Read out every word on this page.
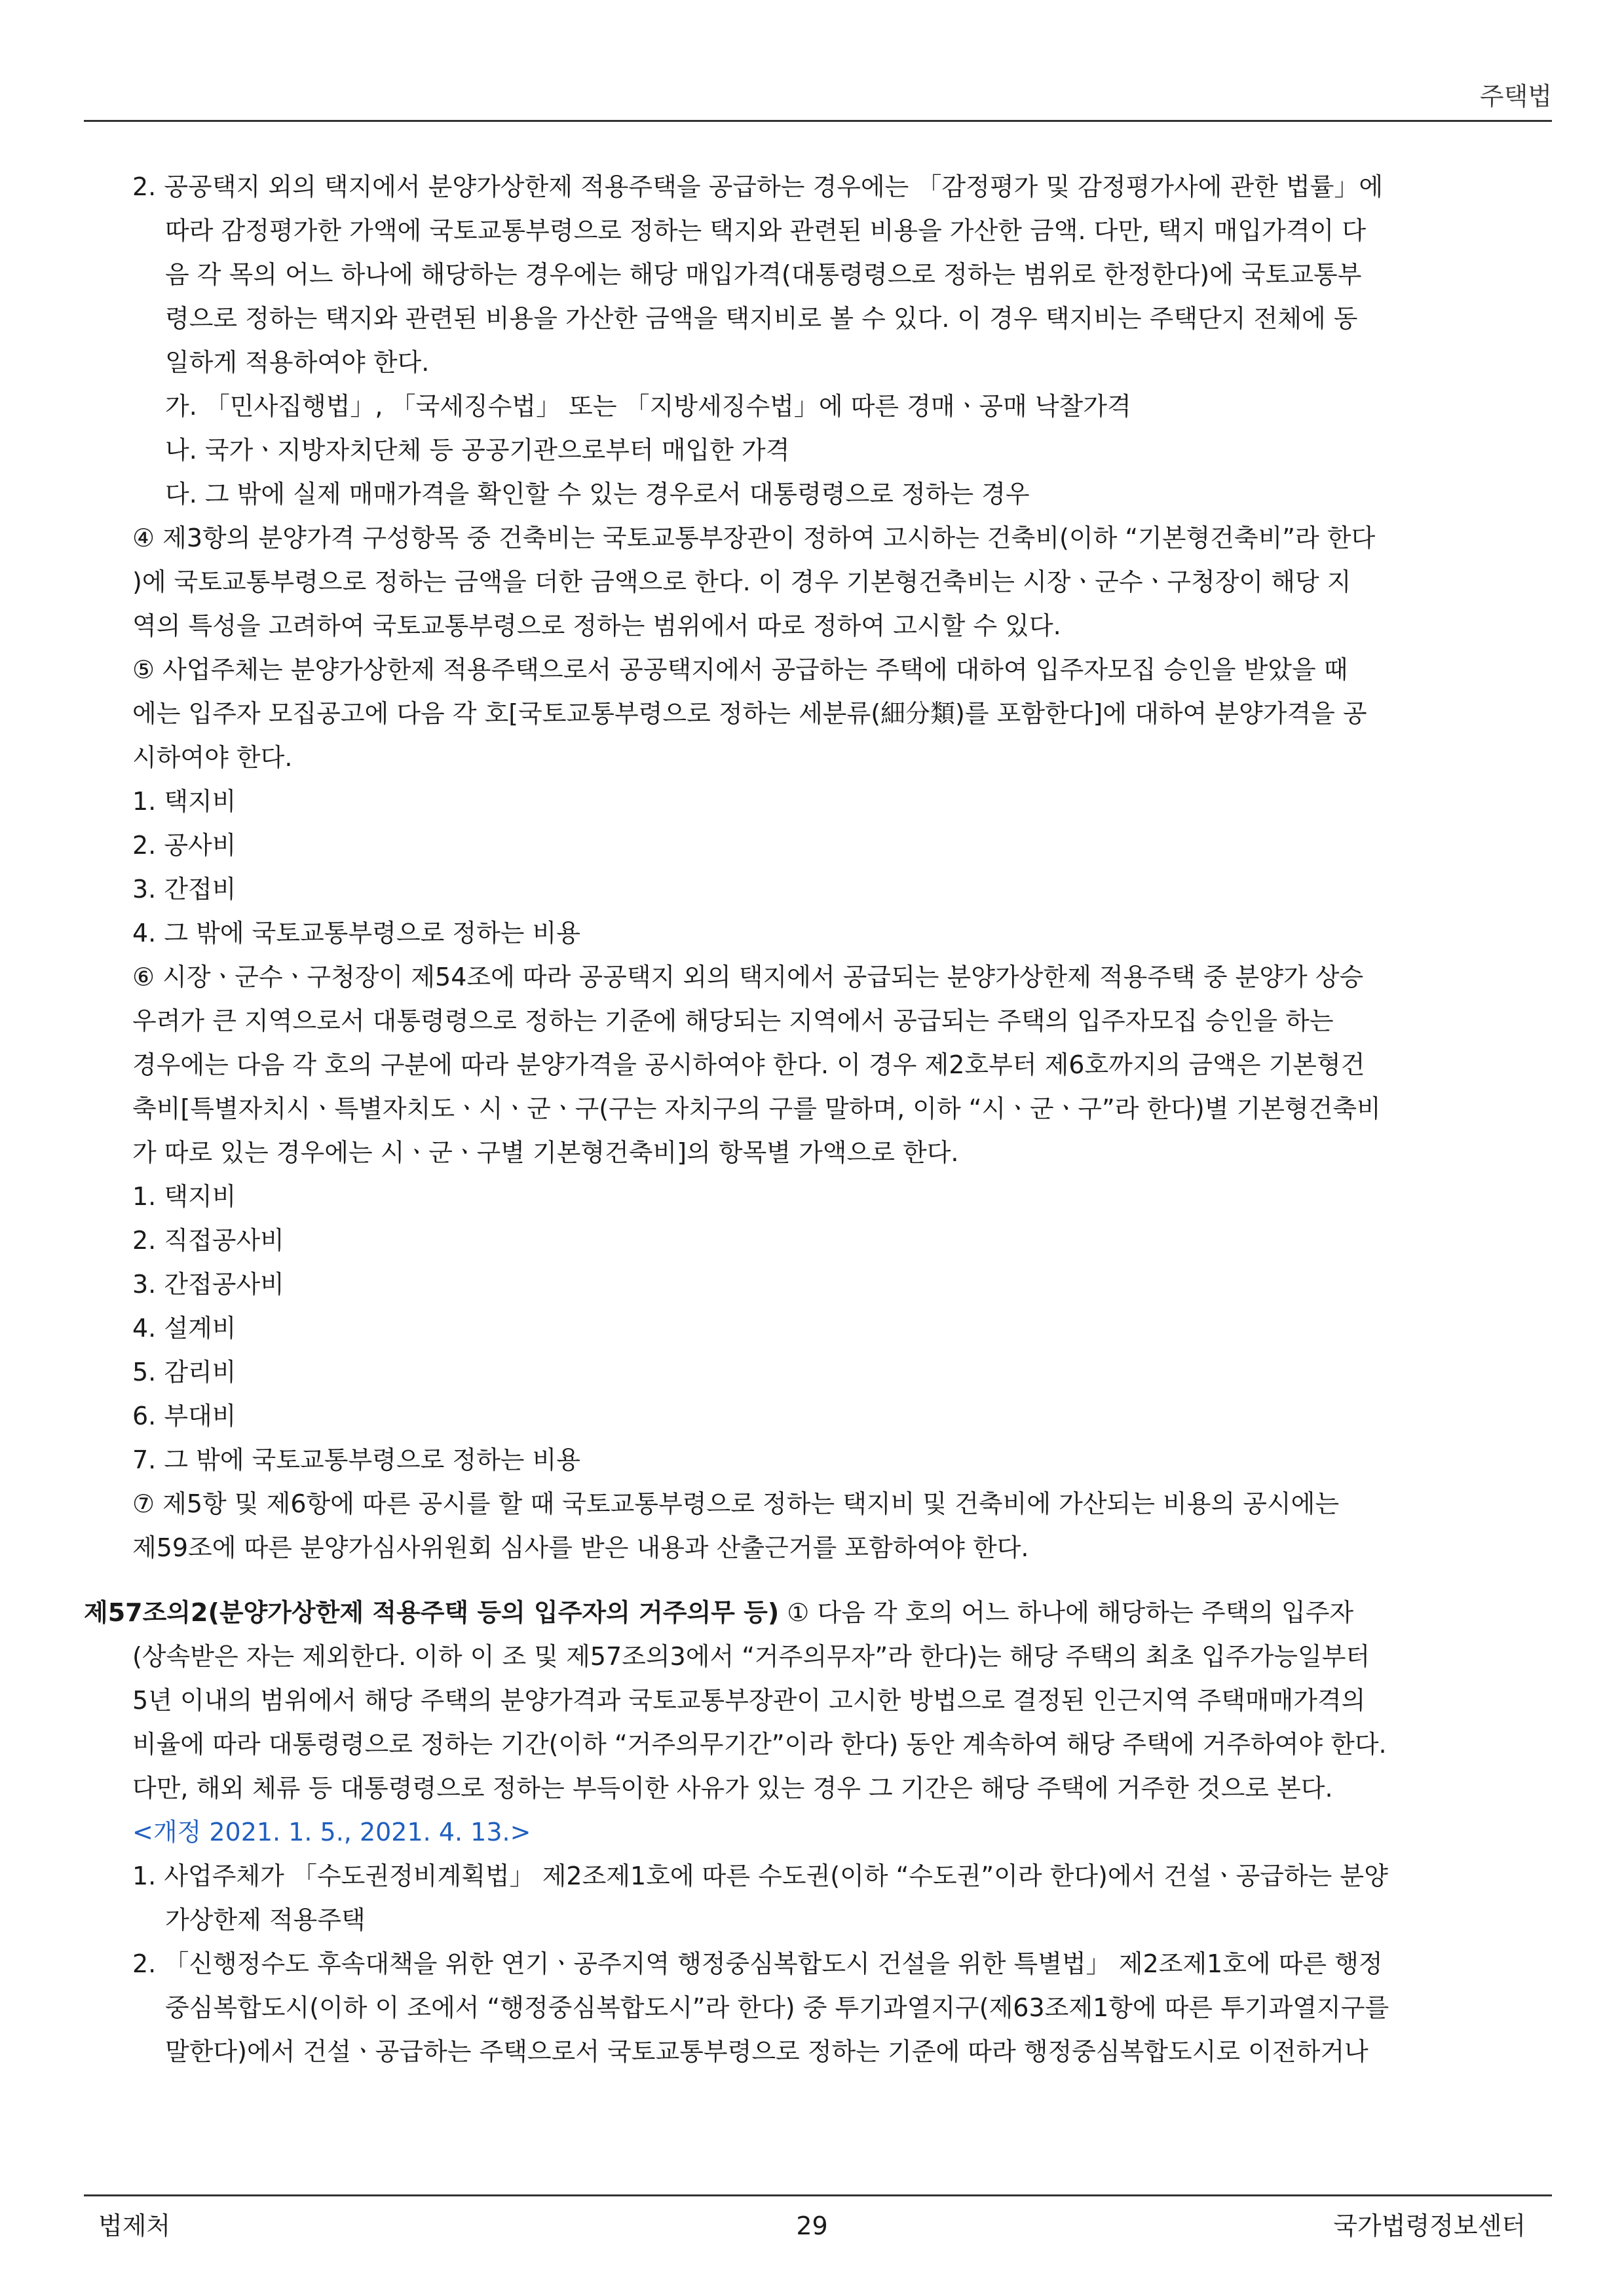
주택법
2. 공공택지 외의 택지에서 분양가상한제 적용주택을 공급하는 경우에는 「감정평가 및 감정평가사에 관한 법률」에
따라 감정평가한 가액에 국토교통부령으로 정하는 택지와 관련된 비용을 가산한 금액. 다만, 택지 매입가격이 다
음 각 목의 어느 하나에 해당하는 경우에는 해당 매입가격(대통령령으로 정하는 범위로 한정한다)에 국토교통부
령으로 정하는 택지와 관련된 비용을 가산한 금액을 택지비로 볼 수 있다. 이 경우 택지비는 주택단지 전체에 동
일하게 적용하여야 한다.
가. 「민사집행법」, 「국세징수법」 또는 「지방세징수법」에 따른 경매ㆍ공매 낙찰가격
나. 국가ㆍ지방자치단체 등 공공기관으로부터 매입한 가격
다. 그 밖에 실제 매매가격을 확인할 수 있는 경우로서 대통령령으로 정하는 경우
④ 제3항의 분양가격 구성항목 중 건축비는 국토교통부장관이 정하여 고시하는 건축비(이하 “기본형건축비”라 한다
)에 국토교통부령으로 정하는 금액을 더한 금액으로 한다. 이 경우 기본형건축비는 시장ㆍ군수ㆍ구청장이 해당 지
역의 특성을 고려하여 국토교통부령으로 정하는 범위에서 따로 정하여 고시할 수 있다.
⑤ 사업주체는 분양가상한제 적용주택으로서 공공택지에서 공급하는 주택에 대하여 입주자모집 승인을 받았을 때
에는 입주자 모집공고에 다음 각 호[국토교통부령으로 정하는 세분류(細分類)를 포함한다]에 대하여 분양가격을 공
시하여야 한다.
1. 택지비
2. 공사비
3. 간접비
4. 그 밖에 국토교통부령으로 정하는 비용
⑥ 시장ㆍ군수ㆍ구청장이 제54조에 따라 공공택지 외의 택지에서 공급되는 분양가상한제 적용주택 중 분양가 상승
우려가 큰 지역으로서 대통령령으로 정하는 기준에 해당되는 지역에서 공급되는 주택의 입주자모집 승인을 하는
경우에는 다음 각 호의 구분에 따라 분양가격을 공시하여야 한다. 이 경우 제2호부터 제6호까지의 금액은 기본형건
축비[특별자치시ㆍ특별자치도ㆍ시ㆍ군ㆍ구(구는 자치구의 구를 말하며, 이하 “시ㆍ군ㆍ구”라 한다)별 기본형건축비
가 따로 있는 경우에는 시ㆍ군ㆍ구별 기본형건축비]의 항목별 가액으로 한다.
1. 택지비
2. 직접공사비
3. 간접공사비
4. 설계비
5. 감리비
6. 부대비
7. 그 밖에 국토교통부령으로 정하는 비용
⑦ 제5항 및 제6항에 따른 공시를 할 때 국토교통부령으로 정하는 택지비 및 건축비에 가산되는 비용의 공시에는
제59조에 따른 분양가심사위원회 심사를 받은 내용과 산출근거를 포함하여야 한다.
제57조의2(분양가상한제 적용주택 등의 입주자의 거주의무 등) ① 다음 각 호의 어느 하나에 해당하는 주택의 입주자
(상속받은 자는 제외한다. 이하 이 조 및 제57조의3에서 “거주의무자”라 한다)는 해당 주택의 최초 입주가능일부터
5년 이내의 범위에서 해당 주택의 분양가격과 국토교통부장관이 고시한 방법으로 결정된 인근지역 주택매매가격의
비율에 따라 대통령령으로 정하는 기간(이하 “거주의무기간”이라 한다) 동안 계속하여 해당 주택에 거주하여야 한다.
다만, 해외 체류 등 대통령령으로 정하는 부득이한 사유가 있는 경우 그 기간은 해당 주택에 거주한 것으로 본다.
<개정 2021. 1. 5., 2021. 4. 13.>
1. 사업주체가 「수도권정비계획법」 제2조제1호에 따른 수도권(이하 “수도권”이라 한다)에서 건설ㆍ공급하는 분양
가상한제 적용주택
2. 「신행정수도 후속대책을 위한 연기ㆍ공주지역 행정중심복합도시 건설을 위한 특별법」 제2조제1호에 따른 행정
중심복합도시(이하 이 조에서 “행정중심복합도시”라 한다) 중 투기과열지구(제63조제1항에 따른 투기과열지구를
말한다)에서 건설ㆍ공급하는 주택으로서 국토교통부령으로 정하는 기준에 따라 행정중심복합도시로 이전하거나
법제처	29	국가법령정보센터
